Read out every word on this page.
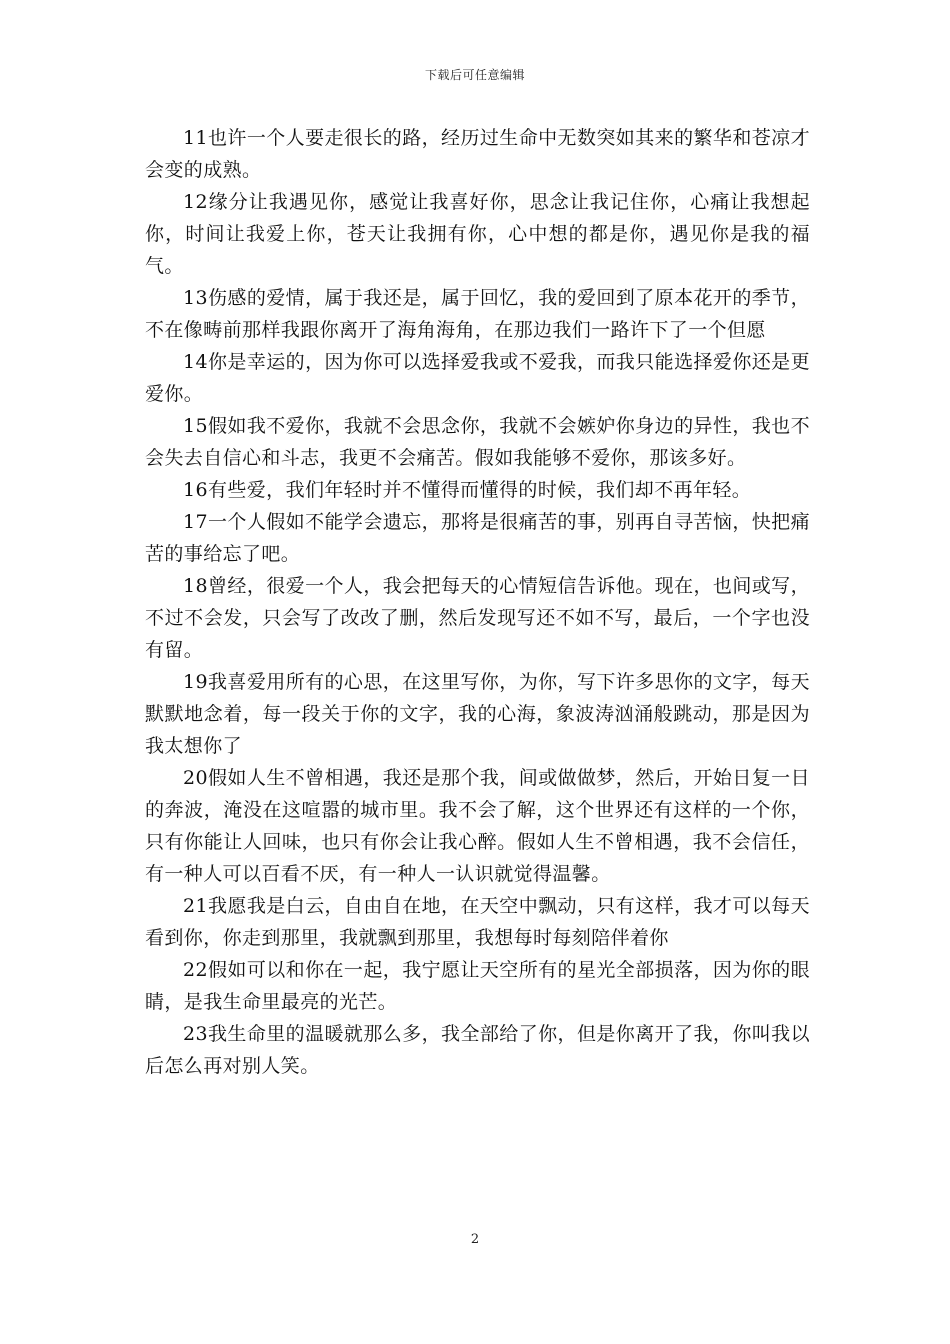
下载后可任意编辑

11也许一个人要走很长的路，经历过生命中无数突如其来的繁华和苍凉才会变的成熟。

12缘分让我遇见你，感觉让我喜好你，思念让我记住你，心痛让我想起你，时间让我爱上你，苍天让我拥有你，心中想的都是你，遇见你是我的福气。

13伤感的爱情，属于我还是，属于回忆，我的爱回到了原本花开的季节，不在像畴前那样我跟你离开了海角海角，在那边我们一路许下了一个但愿

14你是幸运的，因为你可以选择爱我或不爱我，而我只能选择爱你还是更爱你。

15假如我不爱你，我就不会思念你，我就不会嫉妒你身边的异性，我也不会失去自信心和斗志，我更不会痛苦。假如我能够不爱你，那该多好。

16有些爱，我们年轻时并不懂得而懂得的时候，我们却不再年轻。

17一个人假如不能学会遗忘，那将是很痛苦的事，别再自寻苦恼，快把痛苦的事给忘了吧。

18曾经，很爱一个人，我会把每天的心情短信告诉他。现在，也间或写，不过不会发，只会写了改改了删，然后发现写还不如不写，最后，一个字也没有留。

19我喜爱用所有的心思，在这里写你，为你，写下许多思你的文字，每天默默地念着，每一段关于你的文字，我的心海，象波涛汹涌般跳动，那是因为我太想你了

20假如人生不曾相遇，我还是那个我，间或做做梦，然后，开始日复一日的奔波，淹没在这喧嚣的城市里。我不会了解，这个世界还有这样的一个你，只有你能让人回味，也只有你会让我心醉。假如人生不曾相遇，我不会信任，有一种人可以百看不厌，有一种人一认识就觉得温馨。

21我愿我是白云，自由自在地，在天空中飘动，只有这样，我才可以每天看到你，你走到那里，我就飘到那里，我想每时每刻陪伴着你

22假如可以和你在一起，我宁愿让天空所有的星光全部损落，因为你的眼睛，是我生命里最亮的光芒。

23我生命里的温暖就那么多，我全部给了你，但是你离开了我，你叫我以后怎么再对别人笑。

2
